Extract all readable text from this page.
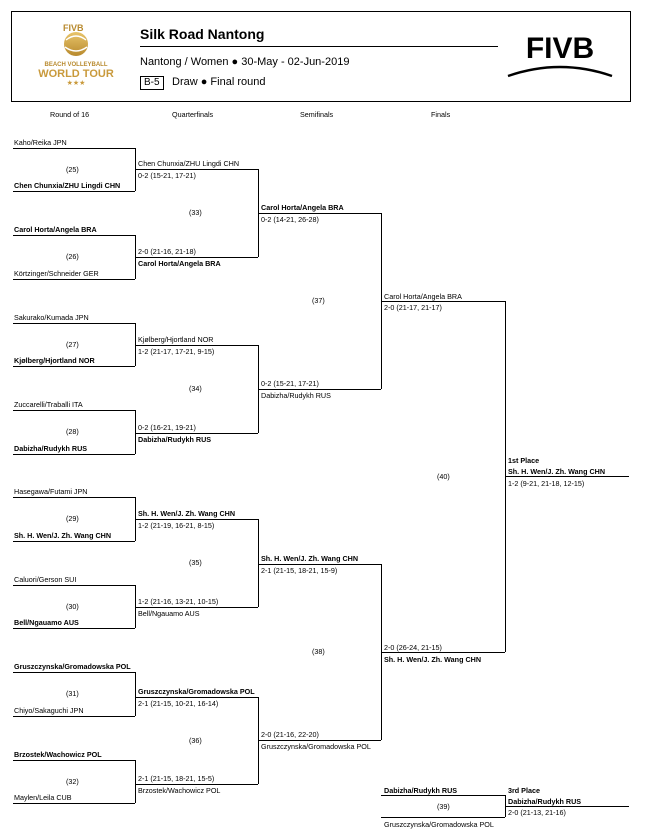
BEACH VOLLEYBALL
WORLD TOUR
★★★
FIVB	Silk Road Nantong
Nantong / Women ● 30-May - 02-Jun-2019
B-5	Draw ● Final round
FIVB
Round of 16	Quarterfinals	Semifinals	Finals
Kaho/Reika JPN
(25)
Chen Chunxia/ZHU Lingdi CHN
Carol Horta/Angela BRA
(26)
Körtzinger/Schneider GER
Sakurako/Kumada JPN
(27)
Kjølberg/Hjortland NOR
Zuccarelli/Traballi ITA
(28)
Dabizha/Rudykh RUS
Hasegawa/Futami JPN
(29)
Sh. H. Wen/J. Zh. Wang CHN
Caluori/Gerson SUI
(30)
Bell/Ngauamo AUS
Gruszczynska/Gromadowska POL
(31)
Chiyo/Sakaguchi JPN
Brzostek/Wachowicz POL
(32)
Maylen/Leila CUB
Chen Chunxia/ZHU Lingdi CHN
0-2 (15-21, 17-21)
(33)
2-0 (21-16, 21-18)
Carol Horta/Angela BRA
Kjølberg/Hjortland NOR
1-2 (21-17, 17-21, 9-15)
(34)
0-2 (16-21, 19-21)
Dabizha/Rudykh RUS
Sh. H. Wen/J. Zh. Wang CHN
1-2 (21-19, 16-21, 8-15)
(35)
1-2 (21-16, 13-21, 10-15)
Bell/Ngauamo AUS
Gruszczynska/Gromadowska POL
2-1 (21-15, 10-21, 16-14)
(36)
2-1 (21-15, 18-21, 15-5)
Brzostek/Wachowicz POL
Carol Horta/Angela BRA
0-2 (14-21, 26-28)
(37)
0-2 (15-21, 17-21)
Dabizha/Rudykh RUS
Sh. H. Wen/J. Zh. Wang CHN
2-1 (21-15, 18-21, 15-9)
(38)
2-0 (21-16, 22-20)
Gruszczynska/Gromadowska POL
Carol Horta/Angela BRA
2-0 (21-17, 21-17)
(40)
2-0 (26-24, 21-15)
Sh. H. Wen/J. Zh. Wang CHN
1st Place
Sh. H. Wen/J. Zh. Wang CHN
1-2 (9-21, 21-18, 12-15)
Dabizha/Rudykh RUS
(39)
Gruszczynska/Gromadowska POL
3rd Place
Dabizha/Rudykh RUS
2-0 (21-13, 21-16)
